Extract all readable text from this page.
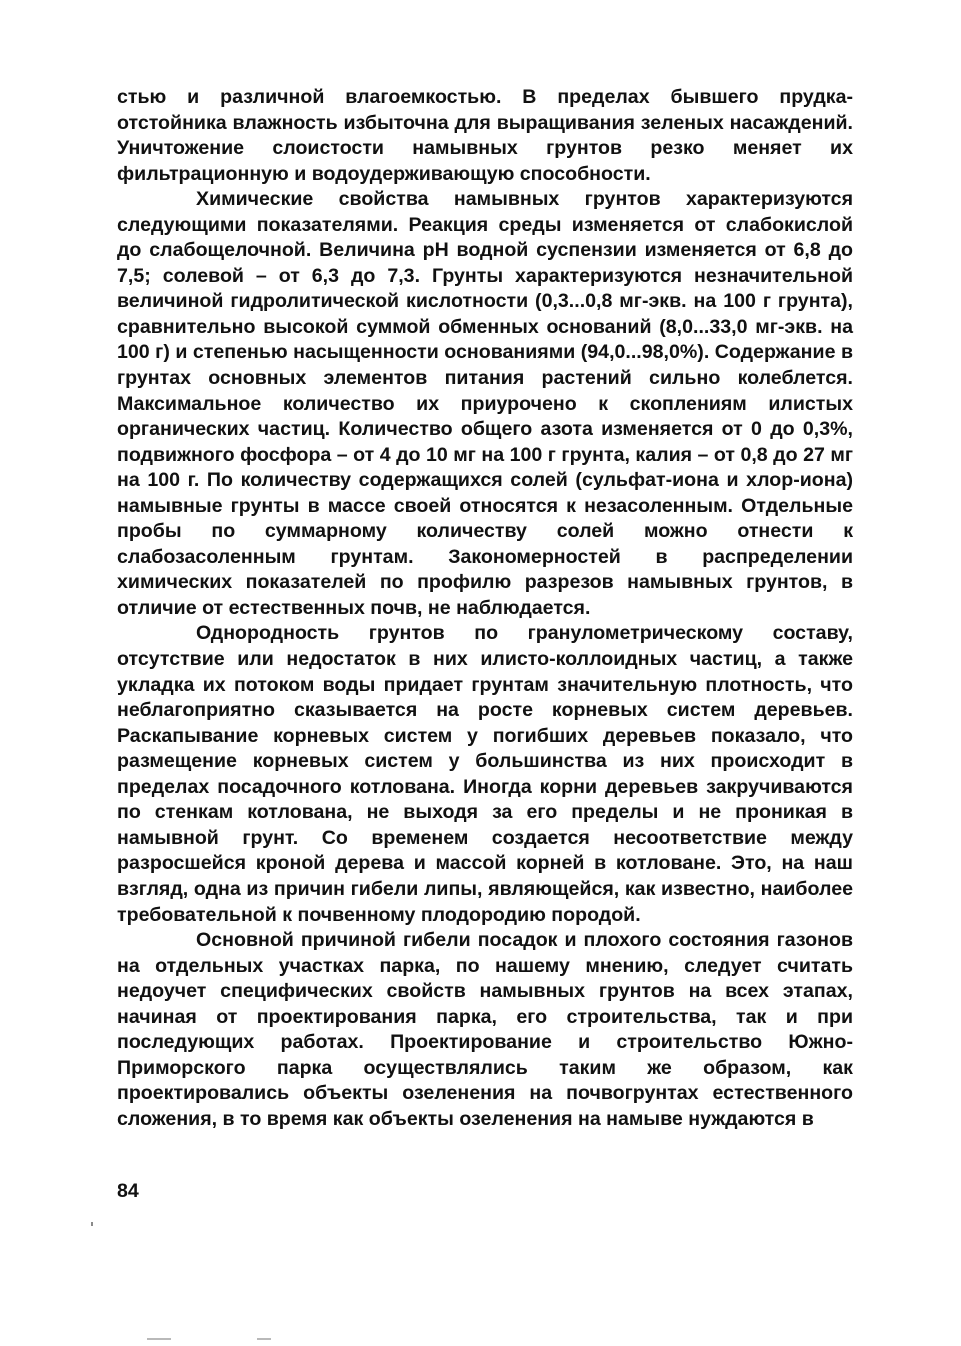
стью и различной влагоемкостью. В пределах бывшего прудка-отстойника влажность избыточна для выращивания зеленых насаждений. Уничтожение слоистости намывных грунтов резко меняет их фильтрационную и водоудерживающую способности.

Химические свойства намывных грунтов характеризуются следующими показателями. Реакция среды изменяется от слабокислой до слабощелочной. Величина pH водной суспензии изменяется от 6,8 до 7,5; солевой – от 6,3 до 7,3. Грунты характеризуются незначительной величиной гидролитической кислотности (0,3...0,8 мг-экв. на 100 г грунта), сравнительно высокой суммой обменных оснований (8,0...33,0 мг-экв. на 100 г) и степенью насыщенности основаниями (94,0...98,0%). Содержание в грунтах основных элементов питания растений сильно колеблется. Максимальное количество их приурочено к скоплениям илистых органических частиц. Количество общего азота изменяется от 0 до 0,3%, подвижного фосфора – от 4 до 10 мг на 100 г грунта, калия – от 0,8 до 27 мг на 100 г. По количеству содержащихся солей (сульфат-иона и хлор-иона) намывные грунты в массе своей относятся к незасоленным. Отдельные пробы по суммарному количеству солей можно отнести к слабозасоленным грунтам. Закономерностей в распределении химических показателей по профилю разрезов намывных грунтов, в отличие от естественных почв, не наблюдается.

Однородность грунтов по гранулометрическому составу, отсутствие или недостаток в них илисто-коллоидных частиц, а также укладка их потоком воды придает грунтам значительную плотность, что неблагоприятно сказывается на росте корневых систем деревьев. Раскапывание корневых систем у погибших деревьев показало, что размещение корневых систем у большинства из них происходит в пределах посадочного котлована. Иногда корни деревьев закручиваются по стенкам котлована, не выходя за его пределы и не проникая в намывной грунт. Со временем создается несоответствие между разросшейся кроной дерева и массой корней в котловане. Это, на наш взгляд, одна из причин гибели липы, являющейся, как известно, наиболее требовательной к почвенному плодородию породой.

Основной причиной гибели посадок и плохого состояния газонов на отдельных участках парка, по нашему мнению, следует считать недоучет специфических свойств намывных грунтов на всех этапах, начиная от проектирования парка, его строительства, так и при последующих работах. Проектирование и строительство Южно-Приморского парка осуществлялись таким же образом, как проектировались объекты озеленения на почвогрунтах естественного сложения, в то время как объекты озеленения на намыве нуждаются в

84
